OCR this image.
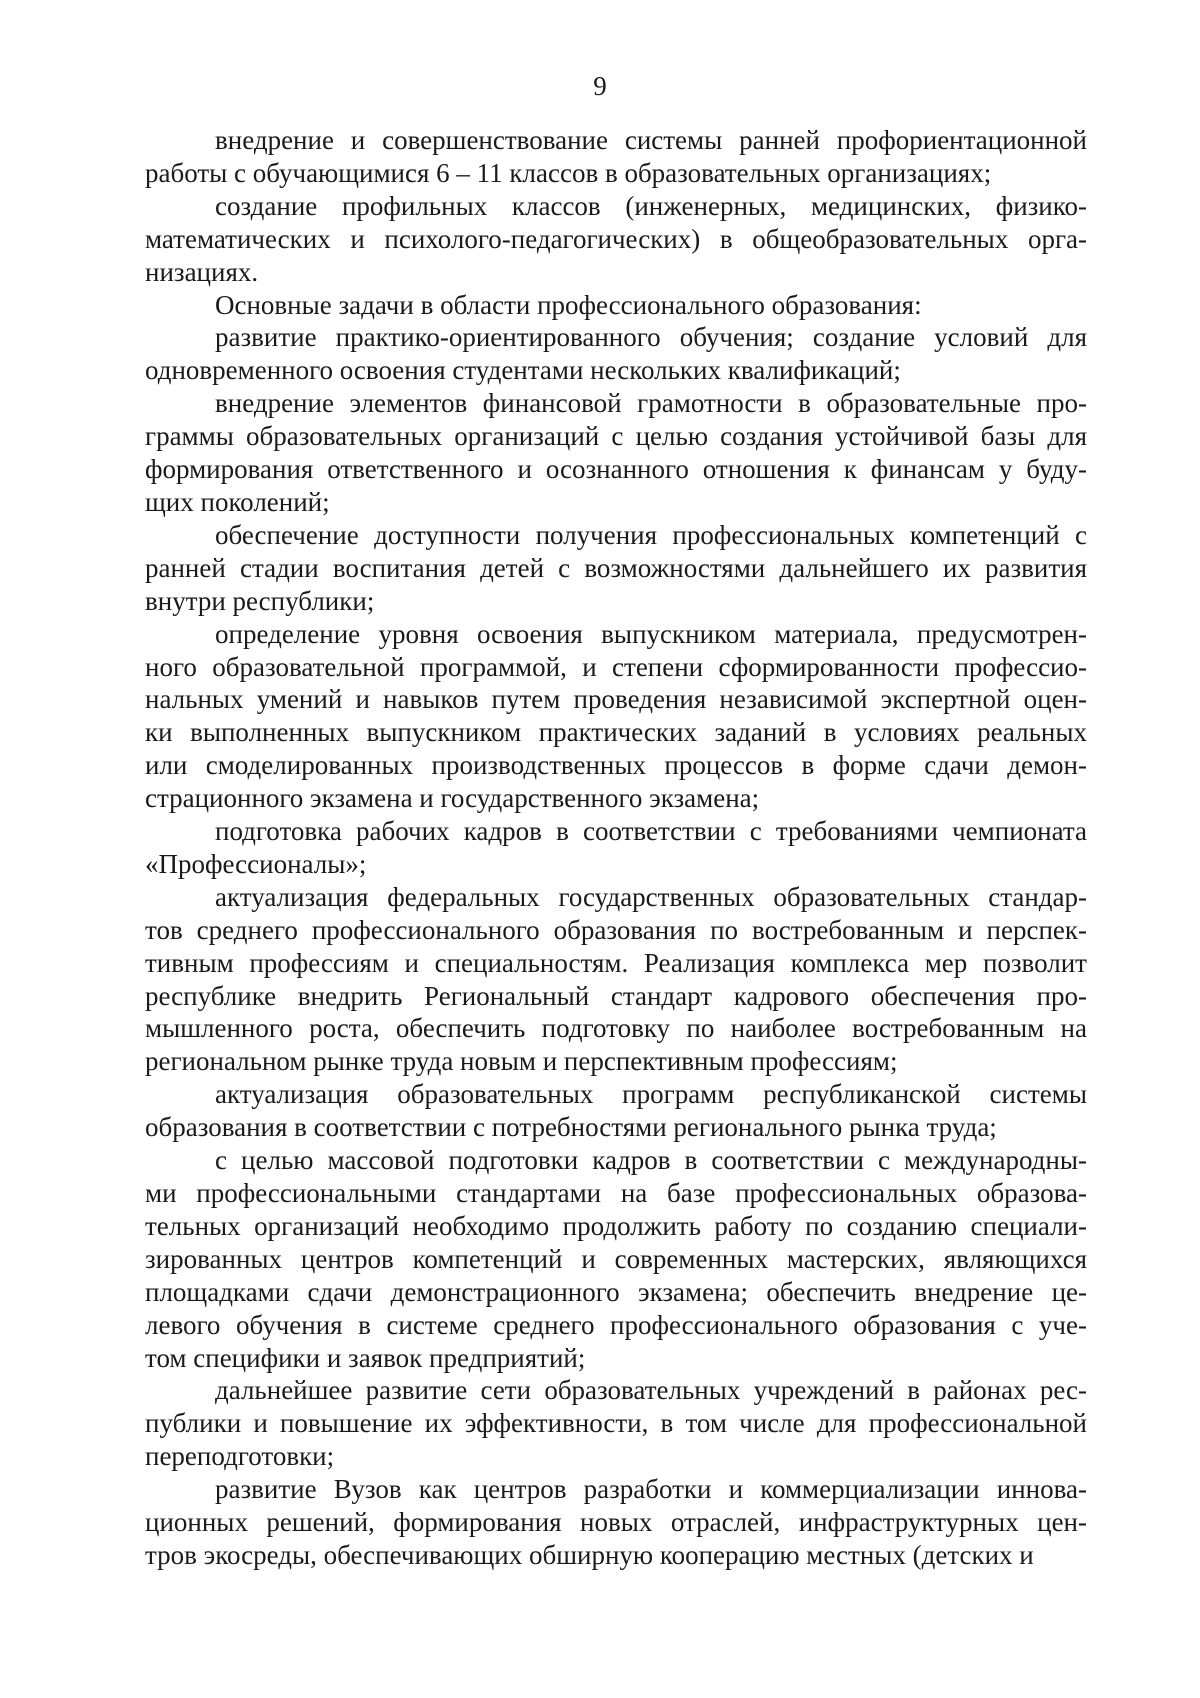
9
внедрение и совершенствование системы ранней профориентационной
работы с обучающимися 6 – 11 классов в образовательных организациях;
создание профильных классов (инженерных, медицинских, физико-
математических и психолого-педагогических) в общеобразовательных орга-
низациях.
Основные задачи в области профессионального образования:
развитие практико-ориентированного обучения; создание условий для
одновременного освоения студентами нескольких квалификаций;
внедрение элементов финансовой грамотности в образовательные про-
граммы образовательных организаций с целью создания устойчивой базы для
формирования ответственного и осознанного отношения к финансам у буду-
щих поколений;
обеспечение доступности получения профессиональных компетенций с
ранней стадии воспитания детей с возможностями дальнейшего их развития
внутри республики;
определение уровня освоения выпускником материала, предусмотрен-
ного образовательной программой, и степени сформированности профессио-
нальных умений и навыков путем проведения независимой экспертной оцен-
ки выполненных выпускником практических заданий в условиях реальных
или смоделированных производственных процессов в форме сдачи демон-
страционного экзамена и государственного экзамена;
подготовка рабочих кадров в соответствии с требованиями чемпионата
«Профессионалы»;
актуализация федеральных государственных образовательных стандар-
тов среднего профессионального образования по востребованным и перспек-
тивным профессиям и специальностям. Реализация комплекса мер позволит
республике внедрить Региональный стандарт кадрового обеспечения про-
мышленного роста, обеспечить подготовку по наиболее востребованным на
региональном рынке труда новым и перспективным профессиям;
актуализация образовательных программ республиканской системы
образования в соответствии с потребностями регионального рынка труда;
с целью массовой подготовки кадров в соответствии с международны-
ми профессиональными стандартами на базе профессиональных образова-
тельных организаций необходимо продолжить работу по созданию специали-
зированных центров компетенций и современных мастерских, являющихся
площадками сдачи демонстрационного экзамена; обеспечить внедрение це-
левого обучения в системе среднего профессионального образования с уче-
том специфики и заявок предприятий;
дальнейшее развитие сети образовательных учреждений в районах рес-
публики и повышение их эффективности, в том числе для профессиональной
переподготовки;
развитие Вузов как центров разработки и коммерциализации иннова-
ционных решений, формирования новых отраслей, инфраструктурных цен-
тров экосреды, обеспечивающих обширную кооперацию местных (детских и
